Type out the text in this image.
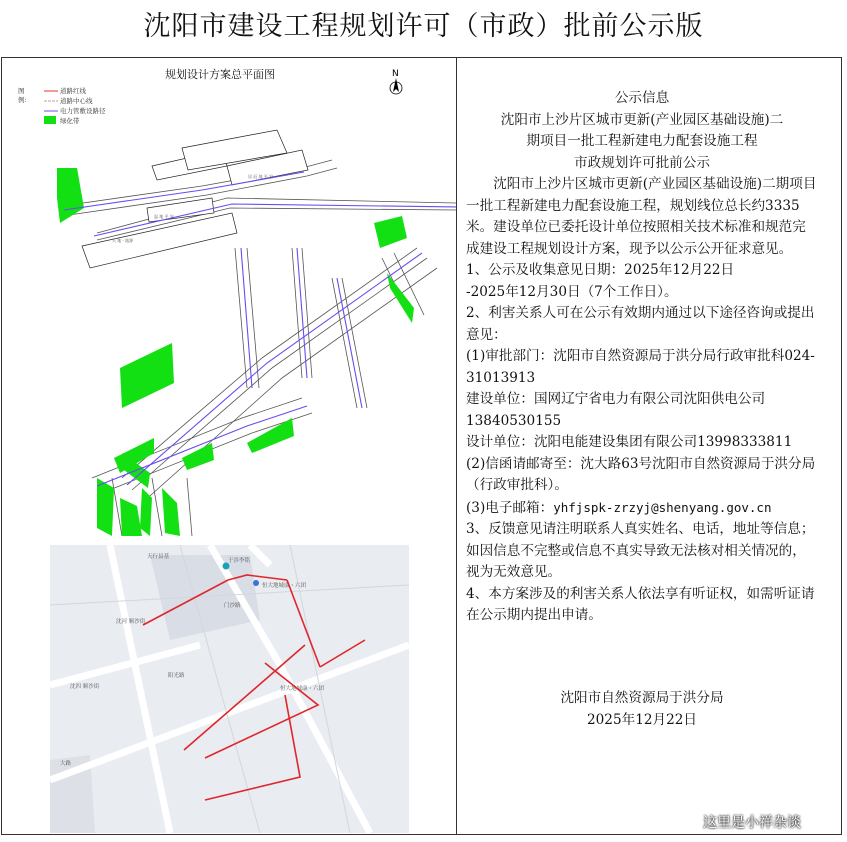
沈阳市建设工程规划许可（市政）批前公示版
规划设计方案总平面图
图例:
道路红线
道路中心线
电力管敷设路径
绿化带
N
天 地 · 地源
温 地 平 安
居 辰 地 平 安
天行县基
于涉李铭
恒大地城康・六团
恒大地城康・六团
沈河 顺沙街
沈四 顺沙街
阳光路
门沙路
大路

公示信息

沈阳市上沙片区城市更新(产业园区基础设施)二

期项目一批工程新建电力配套设施工程

市政规划许可批前公示

沈阳市上沙片区城市更新(产业园区基础设施)二期项目一批工程新建电力配套设施工程，规划线位总长约3335米。建设单位已委托设计单位按照相关技术标准和规范完成建设工程规划设计方案，现予以公示公开征求意见。

1、公示及收集意见日期：2025年12月22日

-2025年12月30日（7个工作日）。

2、利害关系人可在公示有效期内通过以下途径咨询或提出意见：

(1)审批部门：沈阳市自然资源局于洪分局行政审批科024-31013913

建设单位：国网辽宁省电力有限公司沈阳供电公司13840530155

设计单位：沈阳电能建设集团有限公司13998333811

(2)信函请邮寄至：沈大路63号沈阳市自然资源局于洪分局（行政审批科）。

(3)电子邮箱：yhfjspk-zrzyj@shenyang.gov.cn

3、反馈意见请注明联系人真实姓名、电话，地址等信息；如因信息不完整或信息不真实导致无法核对相关情况的，视为无效意见。

4、本方案涉及的利害关系人依法享有听证权，如需听证请在公示期内提出申请。

沈阳市自然资源局于洪分局
2025年12月22日
这里是小祥杂谈
